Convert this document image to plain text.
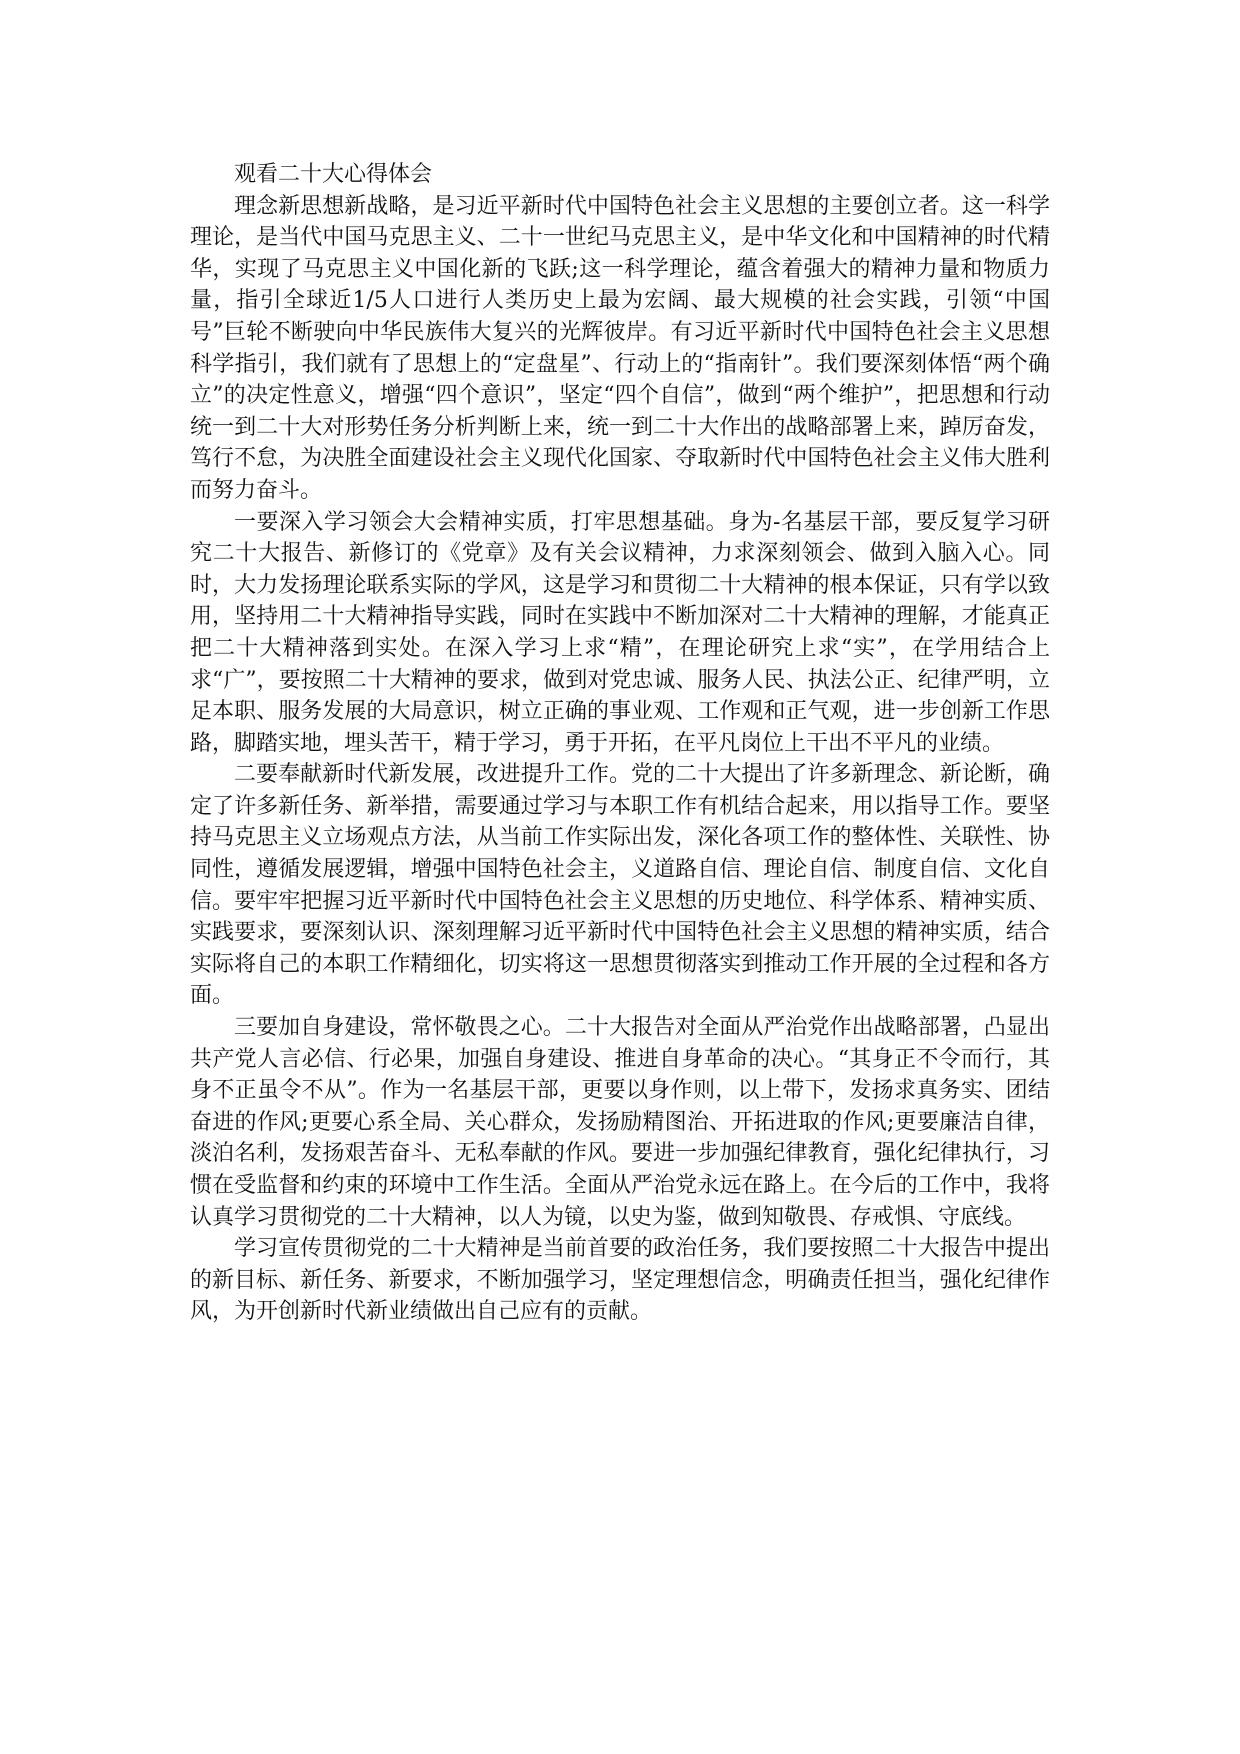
观看二十大心得体会

理念新思想新战略，是习近平新时代中国特色社会主义思想的主要创立者。这一科学理论，是当代中国马克思主义、二十一世纪马克思主义，是中华文化和中国精神的时代精华，实现了马克思主义中国化新的飞跃;这一科学理论，蕴含着强大的精神力量和物质力量，指引全球近1/5人口进行人类历史上最为宏阔、最大规模的社会实践，引领“中国号”巨轮不断驶向中华民族伟大复兴的光辉彼岸。有习近平新时代中国特色社会主义思想科学指引，我们就有了思想上的“定盘星”、行动上的“指南针”。我们要深刻体悟“两个确立”的决定性意义，增强“四个意识”，坚定“四个自信”，做到“两个维护”，把思想和行动统一到二十大对形势任务分析判断上来，统一到二十大作出的战略部署上来，踔厉奋发，笃行不怠，为决胜全面建设社会主义现代化国家、夺取新时代中国特色社会主义伟大胜利而努力奋斗。

一要深入学习领会大会精神实质，打牢思想基础。身为-名基层干部，要反复学习研究二十大报告、新修订的《党章》及有关会议精神，力求深刻领会、做到入脑入心。同时，大力发扬理论联系实际的学风，这是学习和贯彻二十大精神的根本保证，只有学以致用，坚持用二十大精神指导实践，同时在实践中不断加深对二十大精神的理解，才能真正把二十大精神落到实处。在深入学习上求“精”，在理论研究上求“实”，在学用结合上求“广”，要按照二十大精神的要求，做到对党忠诚、服务人民、执法公正、纪律严明，立足本职、服务发展的大局意识，树立正确的事业观、工作观和正气观，进一步创新工作思路，脚踏实地，埋头苦干，精于学习，勇于开拓，在平凡岗位上干出不平凡的业绩。

二要奉献新时代新发展，改进提升工作。党的二十大提出了许多新理念、新论断，确定了许多新任务、新举措，需要通过学习与本职工作有机结合起来，用以指导工作。要坚持马克思主义立场观点方法，从当前工作实际出发，深化各项工作的整体性、关联性、协同性，遵循发展逻辑，增强中国特色社会主，义道路自信、理论自信、制度自信、文化自信。要牢牢把握习近平新时代中国特色社会主义思想的历史地位、科学体系、精神实质、实践要求，要深刻认识、深刻理解习近平新时代中国特色社会主义思想的精神实质，结合实际将自己的本职工作精细化，切实将这一思想贯彻落实到推动工作开展的全过程和各方面。

三要加自身建设，常怀敬畏之心。二十大报告对全面从严治党作出战略部署，凸显出共产党人言必信、行必果，加强自身建设、推进自身革命的决心。“其身正不令而行，其身不正虽令不从”。作为一名基层干部，更要以身作则，以上带下，发扬求真务实、团结奋进的作风;更要心系全局、关心群众，发扬励精图治、开拓进取的作风;更要廉洁自律，淡泊名利，发扬艰苦奋斗、无私奉献的作风。要进一步加强纪律教育，强化纪律执行，习惯在受监督和约束的环境中工作生活。全面从严治党永远在路上。在今后的工作中，我将认真学习贯彻党的二十大精神，以人为镜，以史为鉴，做到知敬畏、存戒惧、守底线。

学习宣传贯彻党的二十大精神是当前首要的政治任务，我们要按照二十大报告中提出的新目标、新任务、新要求，不断加强学习，坚定理想信念，明确责任担当，强化纪律作风，为开创新时代新业绩做出自己应有的贡献。
